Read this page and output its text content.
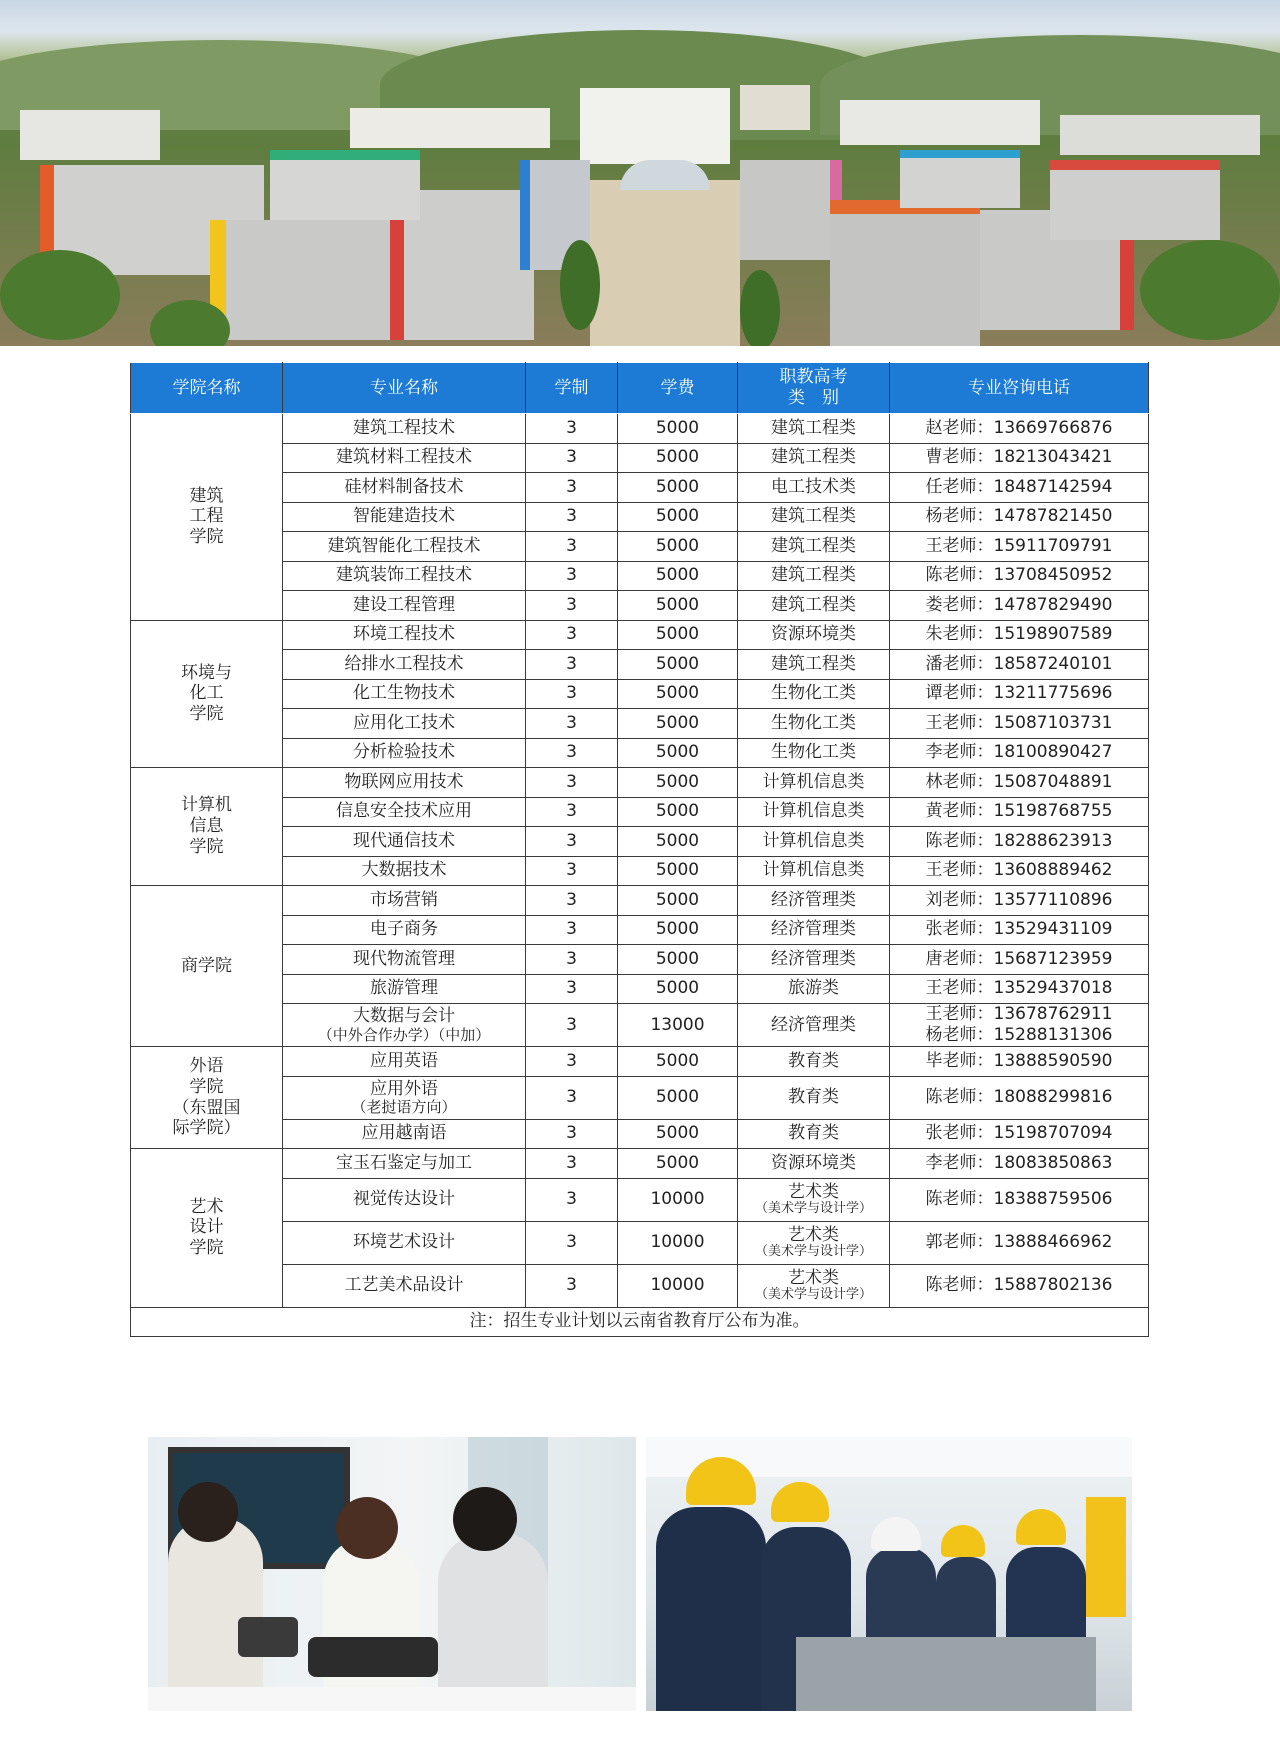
学院名称	专业名称	学制	学费	职教高考
类　别	专业咨询电话

建筑
工程
学院	建筑工程技术	3	5000	建筑工程类	赵老师：13669766876

	建筑材料工程技术	3	5000	建筑工程类	曹老师：18213043421

	硅材料制备技术	3	5000	电工技术类	任老师：18487142594

	智能建造技术	3	5000	建筑工程类	杨老师：14787821450

	建筑智能化工程技术	3	5000	建筑工程类	王老师：15911709791

	建筑装饰工程技术	3	5000	建筑工程类	陈老师：13708450952

	建设工程管理	3	5000	建筑工程类	娄老师：14787829490

环境与
化工
学院	环境工程技术	3	5000	资源环境类	朱老师：15198907589

	给排水工程技术	3	5000	建筑工程类	潘老师：18587240101

	化工生物技术	3	5000	生物化工类	谭老师：13211775696

	应用化工技术	3	5000	生物化工类	王老师：15087103731

	分析检验技术	3	5000	生物化工类	李老师：18100890427

计算机
信息
学院	物联网应用技术	3	5000	计算机信息类	林老师：15087048891

	信息安全技术应用	3	5000	计算机信息类	黄老师：15198768755

	现代通信技术	3	5000	计算机信息类	陈老师：18288623913

	大数据技术	3	5000	计算机信息类	王老师：13608889462

商学院	市场营销	3	5000	经济管理类	刘老师：13577110896

	电子商务	3	5000	经济管理类	张老师：13529431109

	现代物流管理	3	5000	经济管理类	唐老师：15687123959

	旅游管理	3	5000	旅游类	王老师：13529437018

	大数据与会计
（中外合作办学）（中加）	3	13000	经济管理类	王老师：13678762911
杨老师：15288131306

外语
学院
（东盟国
际学院）	应用英语	3	5000	教育类	毕老师：13888590590

	应用外语
（老挝语方向）	3	5000	教育类	陈老师：18088299816

	应用越南语	3	5000	教育类	张老师：15198707094

艺术
设计
学院	宝玉石鉴定与加工	3	5000	资源环境类	李老师：18083850863

	视觉传达设计	3	10000	艺术类
（美术学与设计学）	陈老师：18388759506

	环境艺术设计	3	10000	艺术类
（美术学与设计学）	郭老师：13888466962

	工艺美术品设计	3	10000	艺术类
（美术学与设计学）	陈老师：15887802136

注：招生专业计划以云南省教育厅公布为准。					
